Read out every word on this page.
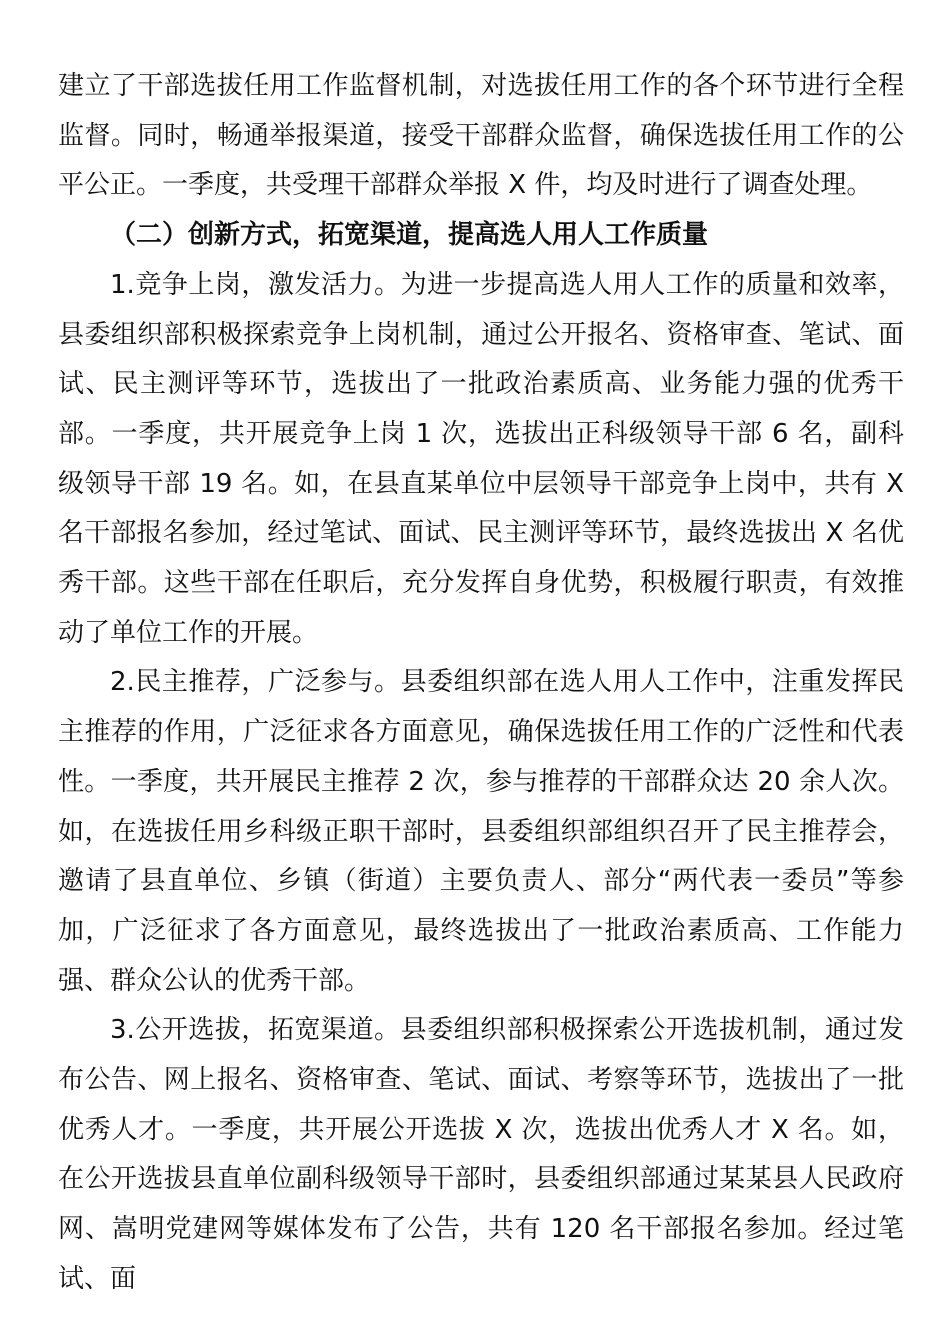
建立了干部选拔任用工作监督机制，对选拔任用工作的各个环节进行全程监督。同时，畅通举报渠道，接受干部群众监督，确保选拔任用工作的公平公正。一季度，共受理干部群众举报 X 件，均及时进行了调查处理。

（二）创新方式，拓宽渠道，提高选人用人工作质量

1.竞争上岗，激发活力。为进一步提高选人用人工作的质量和效率，县委组织部积极探索竞争上岗机制，通过公开报名、资格审查、笔试、面试、民主测评等环节，选拔出了一批政治素质高、业务能力强的优秀干部。一季度，共开展竞争上岗 1 次，选拔出正科级领导干部 6 名，副科级领导干部 19 名。如，在县直某单位中层领导干部竞争上岗中，共有 X 名干部报名参加，经过笔试、面试、民主测评等环节，最终选拔出 X 名优秀干部。这些干部在任职后，充分发挥自身优势，积极履行职责，有效推动了单位工作的开展。

2.民主推荐，广泛参与。县委组织部在选人用人工作中，注重发挥民主推荐的作用，广泛征求各方面意见，确保选拔任用工作的广泛性和代表性。一季度，共开展民主推荐 2 次，参与推荐的干部群众达 20 余人次。如，在选拔任用乡科级正职干部时，县委组织部组织召开了民主推荐会，邀请了县直单位、乡镇（街道）主要负责人、部分“两代表一委员”等参加，广泛征求了各方面意见，最终选拔出了一批政治素质高、工作能力强、群众公认的优秀干部。

3.公开选拔，拓宽渠道。县委组织部积极探索公开选拔机制，通过发布公告、网上报名、资格审查、笔试、面试、考察等环节，选拔出了一批优秀人才。一季度，共开展公开选拔 X 次，选拔出优秀人才 X 名。如，在公开选拔县直单位副科级领导干部时，县委组织部通过某某县人民政府网、嵩明党建网等媒体发布了公告，共有 120 名干部报名参加。经过笔试、面
